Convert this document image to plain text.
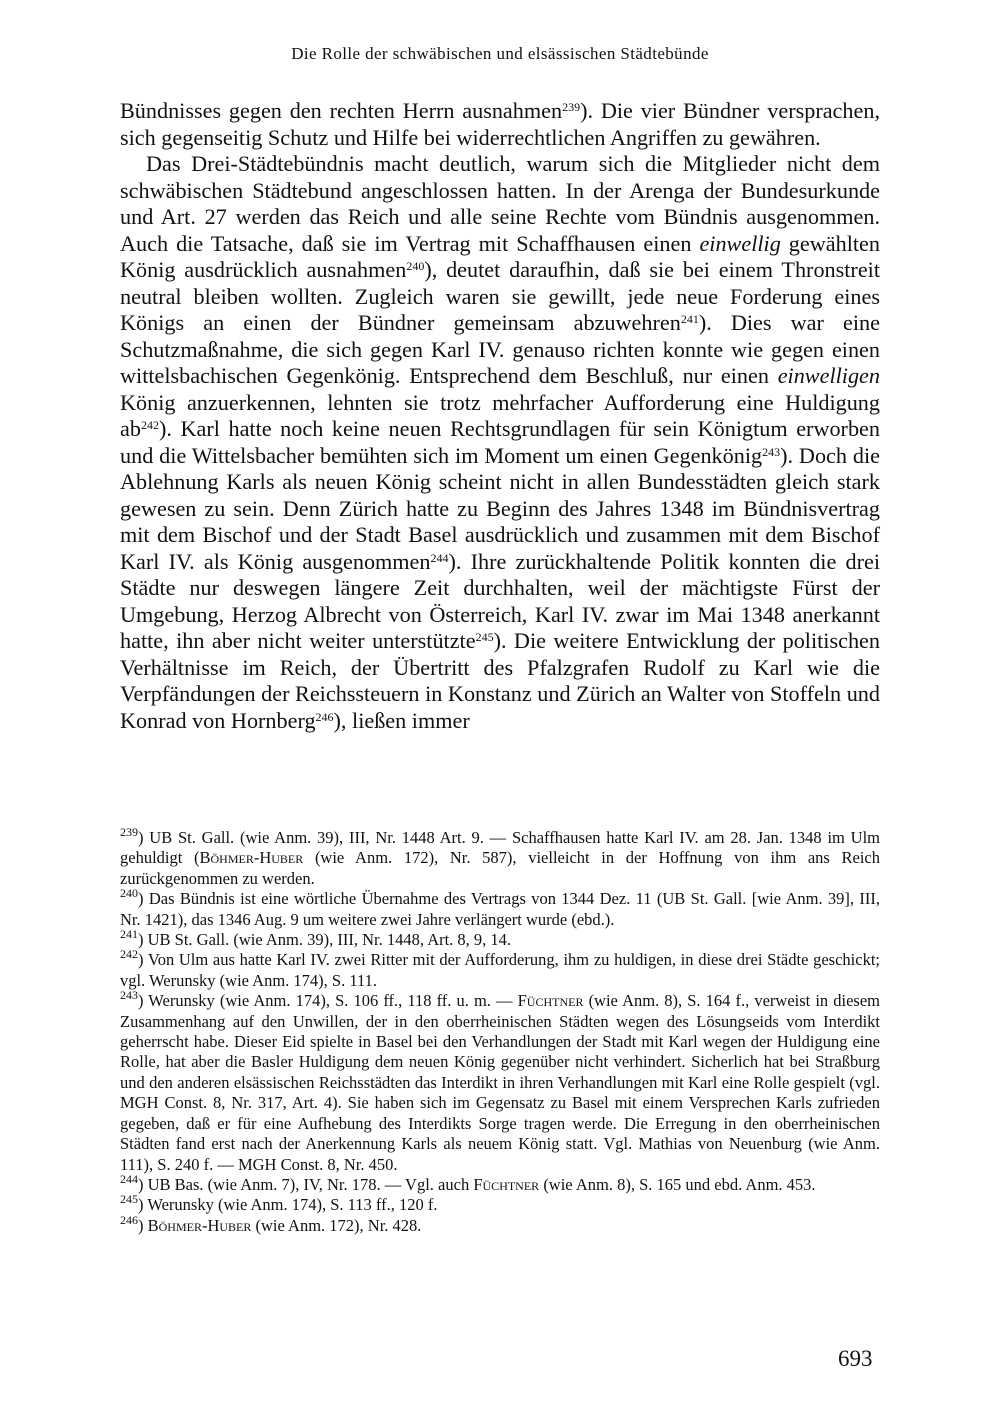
Die Rolle der schwäbischen und elsässischen Städtebünde

Bündnisses gegen den rechten Herrn ausnahmen$^{239}$). Die vier Bündner versprachen, sich gegenseitig Schutz und Hilfe bei widerrechtlichen Angriffen zu gewähren.

Das Drei-Städtebündnis macht deutlich, warum sich die Mitglieder nicht dem schwäbischen Städtebund angeschlossen hatten. In der Arenga der Bundesurkunde und Art. 27 werden das Reich und alle seine Rechte vom Bündnis ausgenommen. Auch die Tatsache, daß sie im Vertrag mit Schaffhausen einen einwellig gewählten König ausdrücklich ausnahmen$^{240}$), deutet daraufhin, daß sie bei einem Thronstreit neutral bleiben wollten. Zugleich waren sie gewillt, jede neue Forderung eines Königs an einen der Bündner gemeinsam abzuwehren$^{241}$). Dies war eine Schutzmaßnahme, die sich gegen Karl IV. genauso richten konnte wie gegen einen wittelsbachischen Gegenkönig. Entsprechend dem Beschluß, nur einen einwelligen König anzuerkennen, lehnten sie trotz mehrfacher Aufforderung eine Huldigung $ab^{242}$). Karl hatte noch keine neuen Rechtsgrundlagen für sein Königtum erworben und die Wittelsbacher bemühten sich im Moment um einen Gegenkönig$^{243}$). Doch die Ablehnung Karls als neuen König scheint nicht in allen Bundesstädten gleich stark gewesen zu sein. Denn Zürich hatte zu Beginn des Jahres 1348 im Bündnisvertrag mit dem Bischof und der Stadt Basel ausdrücklich und zusammen mit dem Bischof Karl IV. als König ausgenommen$^{244}$). Ihre zurückhaltende Politik konnten die drei Städte nur deswegen längere Zeit durchhalten, weil der mächtigste Fürst der Umgebung, Herzog Albrecht von Österreich, Karl IV. zwar im Mai 1348 anerkannt hatte, ihn aber nicht weiter unterstützte$^{245}$). Die weitere Entwicklung der politischen Verhältnisse im Reich, der Übertritt des Pfalzgrafen Rudolf zu Karl wie die Verpfändungen der Reichssteuern in Konstanz und Zürich an Walter von Stoffeln und Konrad von Hornberg$^{246}$), ließen immer

$^{239}$) UB St. Gall. (wie Anm. 39), III, Nr. 1448 Art. 9. — Schaffhausen hatte Karl IV. am 28. Jan. 1348 im Ulm gehuldigt (Böhmer-Huber (wie Anm. 172), Nr. 587), vielleicht in der Hoffnung von ihm ans Reich zurückgenommen zu werden.

$^{240}$) Das Bündnis ist eine wörtliche Übernahme des Vertrags von 1344 Dez. 11 (UB St. Gall. [wie Anm. 39], III, Nr. 1421), das 1346 Aug. 9 um weitere zwei Jahre verlängert wurde (ebd.).

$^{241}$) UB St. Gall. (wie Anm. 39), III, Nr. 1448, Art. 8, 9, 14.

$^{242}$) Von Ulm aus hatte Karl IV. zwei Ritter mit der Aufforderung, ihm zu huldigen, in diese drei Städte geschickt; vgl. Werunsky (wie Anm. 174), S. 111.

$^{243}$) Werunsky (wie Anm. 174), S. 106 ff., 118 ff. u. m. — Füchtner (wie Anm. 8), S. 164 f., verweist in diesem Zusammenhang auf den Unwillen, der in den oberrheinischen Städten wegen des Lösungseids vom Interdikt geherrscht habe. Dieser Eid spielte in Basel bei den Verhandlungen der Stadt mit Karl wegen der Huldigung eine Rolle, hat aber die Basler Huldigung dem neuen König gegenüber nicht verhindert. Sicherlich hat bei Straßburg und den anderen elsässischen Reichsstädten das Interdikt in ihren Verhandlungen mit Karl eine Rolle gespielt (vgl. MGH Const. 8, Nr. 317, Art. 4). Sie haben sich im Gegensatz zu Basel mit einem Versprechen Karls zufrieden gegeben, daß er für eine Aufhebung des Interdikts Sorge tragen werde. Die Erregung in den oberrheinischen Städten fand erst nach der Anerkennung Karls als neuem König statt. Vgl. Mathias von Neuenburg (wie Anm. 111), S. 240 f. — MGH Const. 8, Nr. 450.

$^{244}$) UB Bas. (wie Anm. 7), IV, Nr. 178. — Vgl. auch Füchtner (wie Anm. 8), S. 165 und ebd. Anm. 453.

$^{245}$) Werunsky (wie Anm. 174), S. 113 ff., 120 f.

$^{246}$) Böhmer-Huber (wie Anm. 172), Nr. 428.

693
